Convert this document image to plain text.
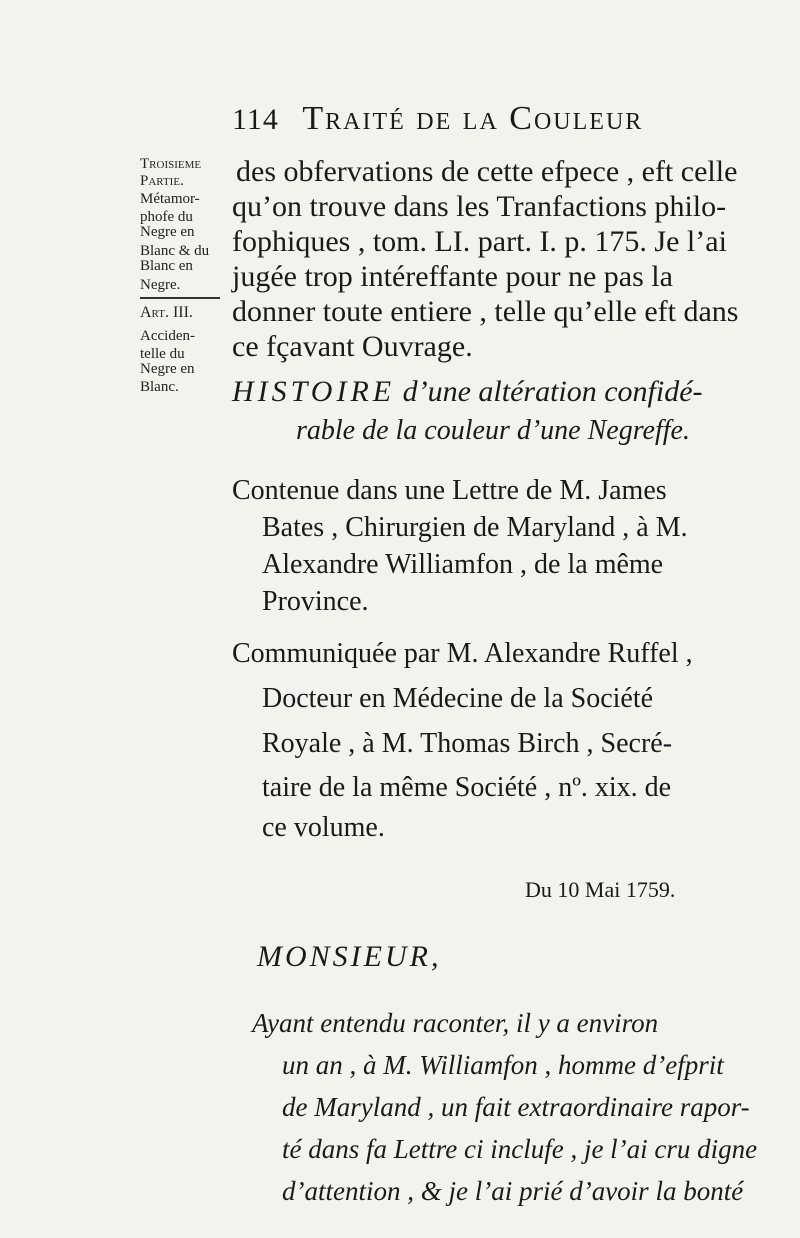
114 Traité de la Couleur
Troisieme
Partie.
Métamor-
phofe du
Negre en
Blanc & du
Blanc en
Negre.
Art. III.
Acciden-
telle du
Negre en
Blanc.
des obfervations de cette efpece , eft celle
qu’on trouve dans les Tranfactions philo-
fophiques , tom. LI. part. I. p. 175. Je l’ai
jugée trop intéreffante pour ne pas la
donner toute entiere , telle qu’elle eft dans
ce fçavant Ouvrage.
HISTOIRE d’une altération confidé-
rable de la couleur d’une Negreffe.
Contenue dans une Lettre de M. James
Bates , Chirurgien de Maryland , à M.
Alexandre Williamfon , de la même
Province.
Communiquée par M. Alexandre Ruffel ,
Docteur en Médecine de la Société
Royale , à M. Thomas Birch , Secré-
taire de la même Société , nº. xix. de
ce volume.
Du 10 Mai 1759.
MONSIEUR,
Ayant entendu raconter, il y a environ
un an , à M. Williamfon , homme d’efprit
de Maryland , un fait extraordinaire rapor-
té dans fa Lettre ci inclufe , je l’ai cru digne
d’attention , & je l’ai prié d’avoir la bonté
